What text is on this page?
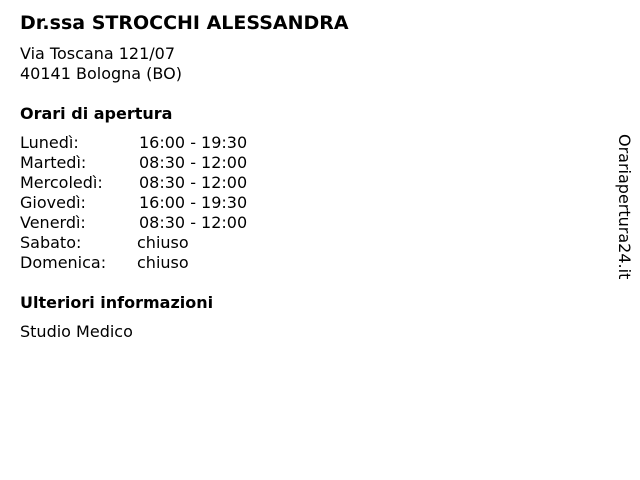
Dr.ssa STROCCHI ALESSANDRA
Via Toscana 121/07
40141 Bologna (BO)
Orari di apertura
Lunedì:	16:00 - 19:30
Martedì:	08:30 - 12:00
Mercoledì:	08:30 - 12:00
Giovedì:	16:00 - 19:30
Venerdì:	08:30 - 12:00
Sabato:	chiuso
Domenica:	chiuso
Ulteriori informazioni
Studio Medico
Orariapertura24.it
